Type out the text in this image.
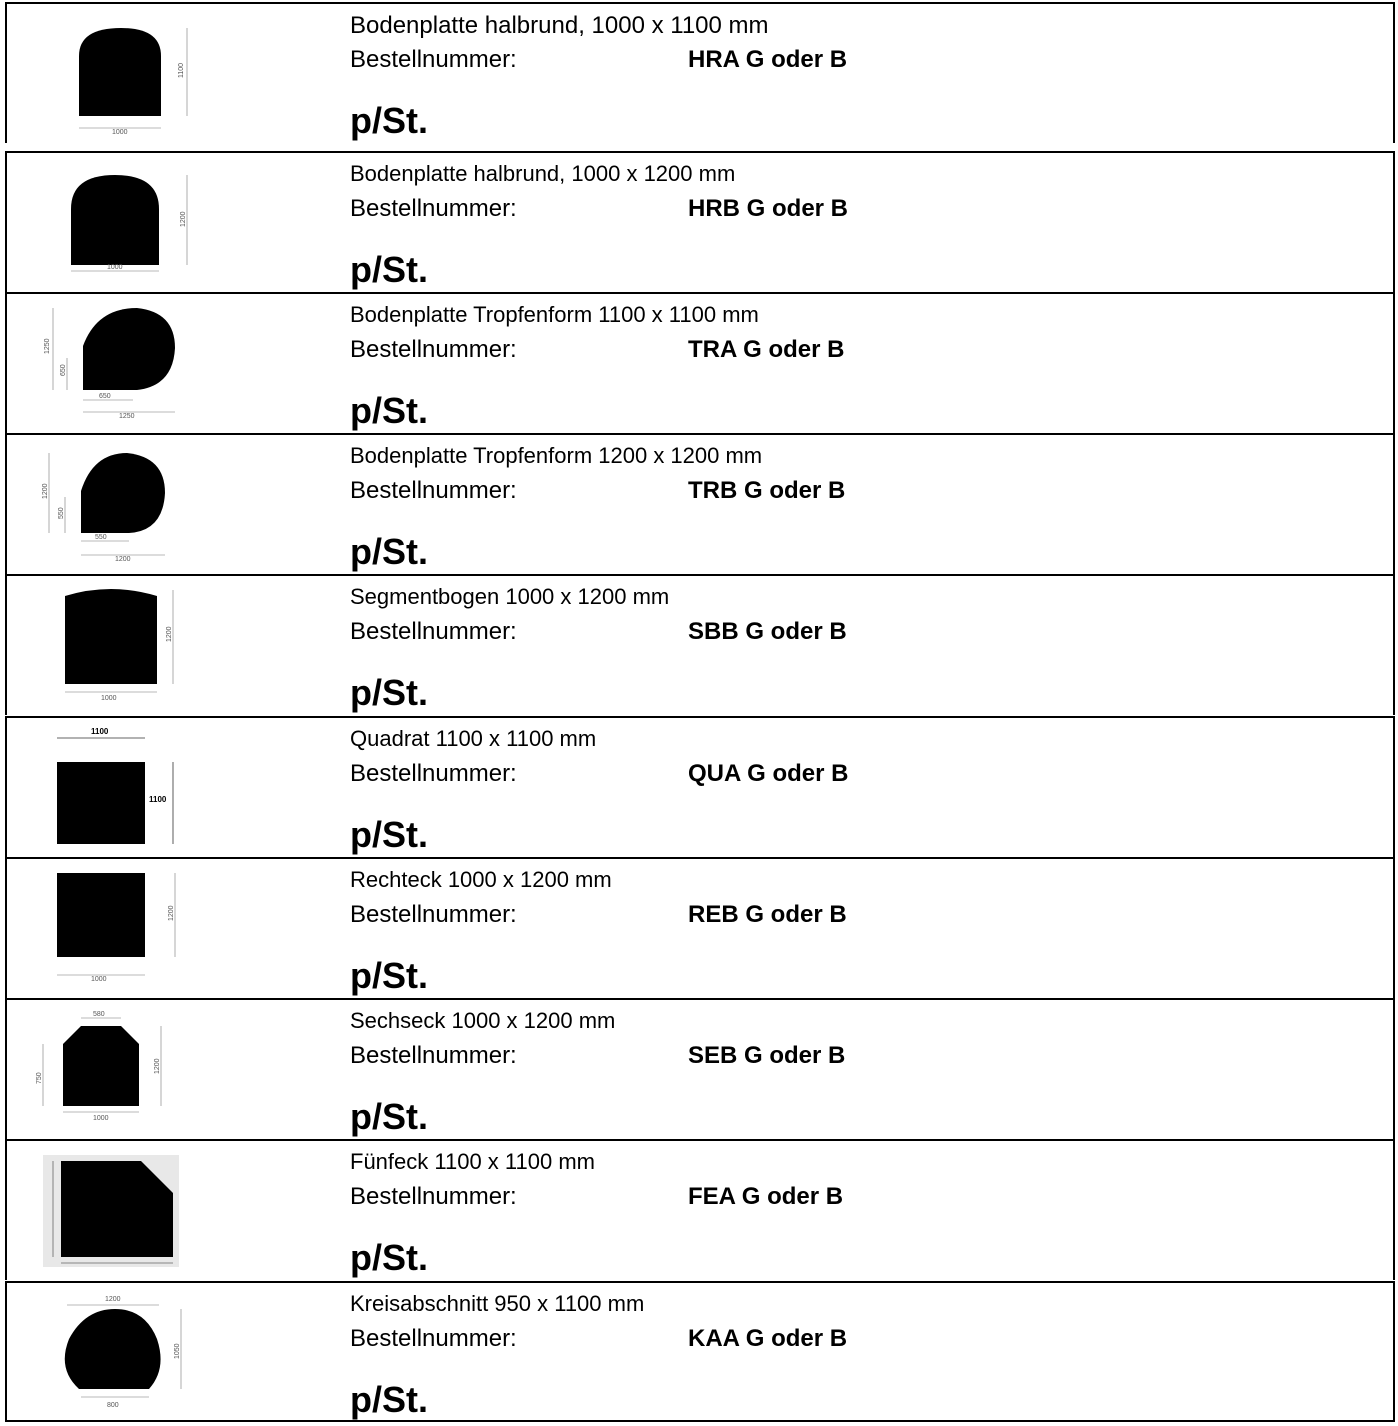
1000
1100
Bodenplatte halbrund, 1000 x 1100 mm
Bestellnummer:	HRA G oder B
p/St.
1000
1200
Bodenplatte halbrund, 1000 x 1200 mm
Bestellnummer:	HRB G oder B
p/St.
1250
650
650
1250
Bodenplatte Tropfenform 1100 x 1100 mm
Bestellnummer:	TRA G oder B
p/St.
1200
550
550
1200
Bodenplatte Tropfenform 1200 x 1200 mm
Bestellnummer:	TRB G oder B
p/St.
1000
1200
Segmentbogen 1000 x 1200 mm
Bestellnummer:	SBB G oder B
p/St.
1100
1100
Quadrat 1100 x 1100 mm
Bestellnummer:	QUA G oder B
p/St.
1000
1200
Rechteck 1000 x 1200 mm
Bestellnummer:	REB G oder B
p/St.
580
1000
750
1200
Sechseck 1000 x 1200 mm
Bestellnummer:	SEB G oder B
p/St.
Fünfeck 1100 x 1100 mm
Bestellnummer:	FEA G oder B
p/St.
1200
800
1050
Kreisabschnitt 950 x 1100 mm
Bestellnummer:	KAA G oder B
p/St.
